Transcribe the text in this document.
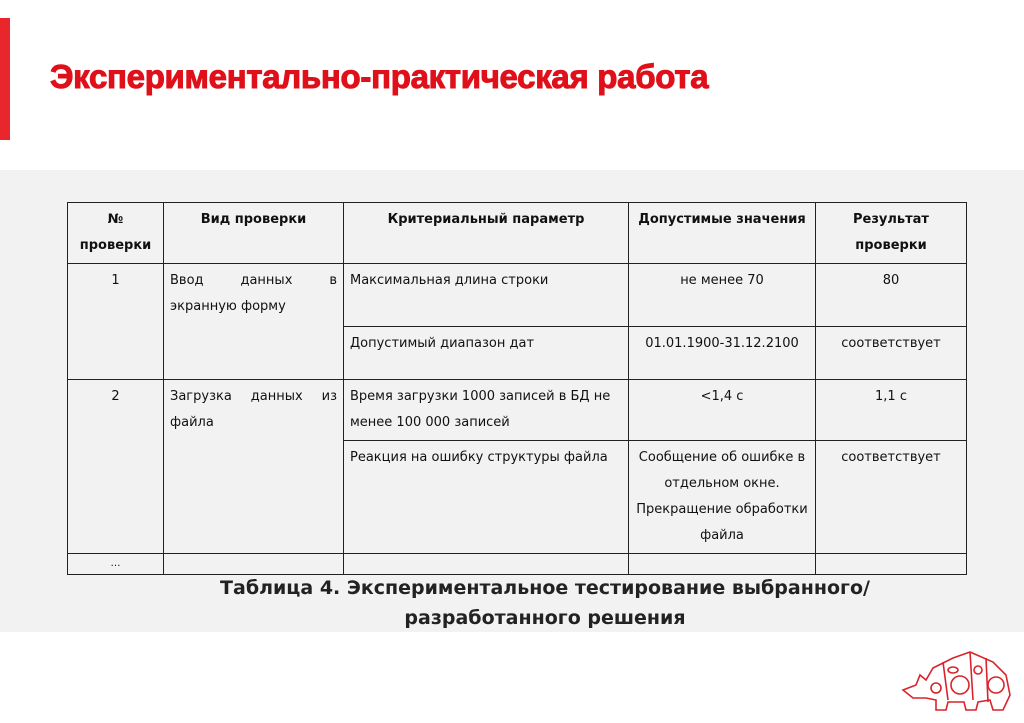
Экспериментально-практическая работа
№ проверки	Вид проверки	Критериальный параметр	Допустимые значения	Результат проверки
1	Ввод данных в экранную форму	Максимальная длина строки	не менее 70	80
		Допустимый диапазон дат	01.01.1900-31.12.2100	соответствует
2	Загрузка данных из файла	Время загрузки 1000 записей в БД не менее 100 000 записей	<1,4 с	1,1 с
		Реакция на ошибку структуры файла	Сообщение об ошибке в отдельном окне. Прекращение обработки файла	соответствует
…				
Таблица 4. Экспериментальное тестирование выбранного/ разработанного решения
